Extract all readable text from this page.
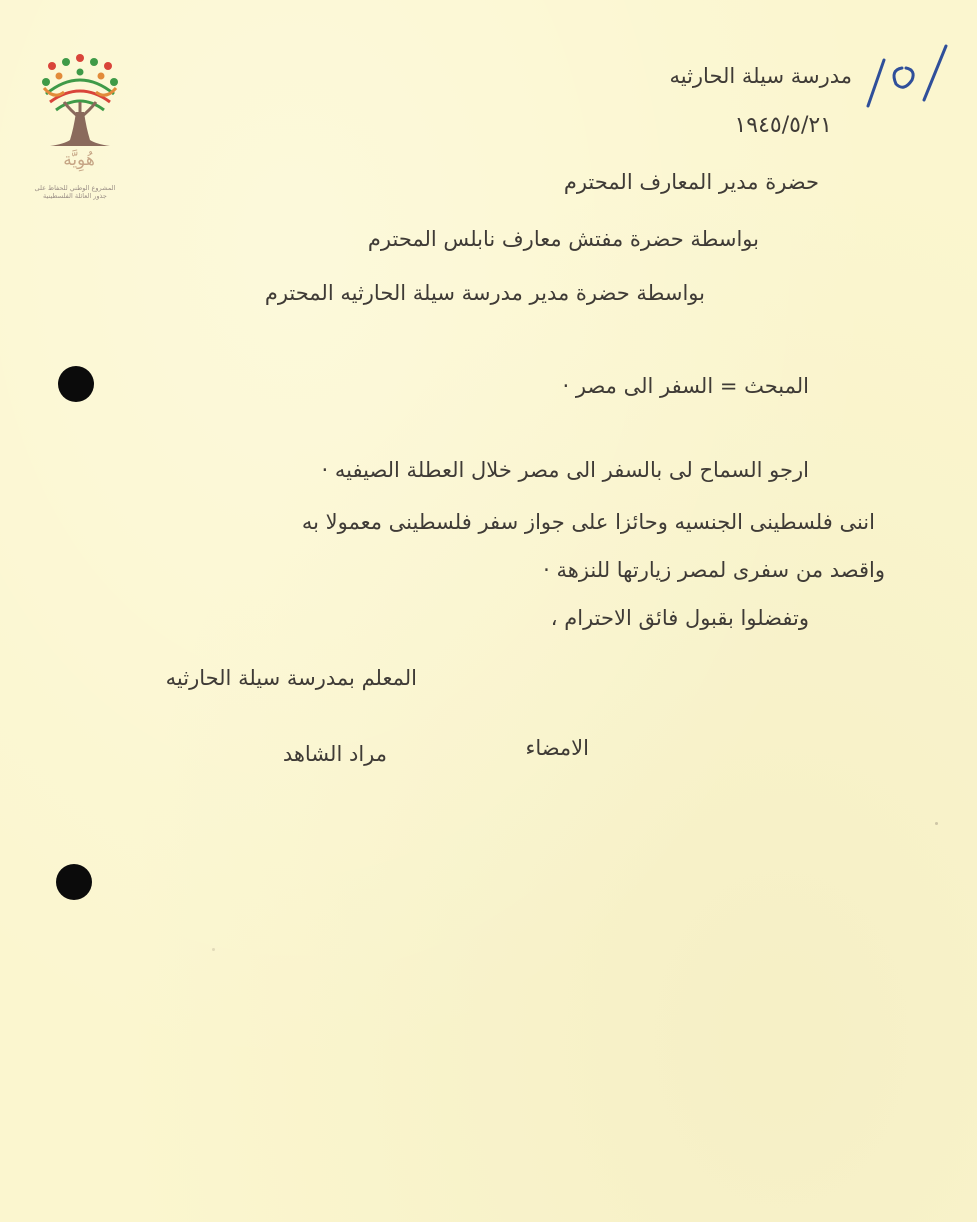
هُوِيَّة
المشروع الوطني للحفاظ على
جذور العائلة الفلسطينية
مدرسة سيلة الحارثيه
١٩٤٥/٥/٢١
حضرة مدير المعارف المحترم
بواسطة حضرة مفتش معارف نابلس المحترم
بواسطة حضرة مدير مدرسة سيلة الحارثيه المحترم
المبحث = السفر الى مصر ·
ارجو السماح لى بالسفر الى مصر خلال العطلة الصيفيه ·
اننى فلسطينى الجنسيه وحائزا على جواز سفر فلسطينى معمولا به
واقصد من سفرى لمصر زيارتها للنزهة ·
وتفضلوا بقبول فائق الاحترام ،
المعلم بمدرسة سيلة الحارثيه
الامضاء
مراد الشاهد
